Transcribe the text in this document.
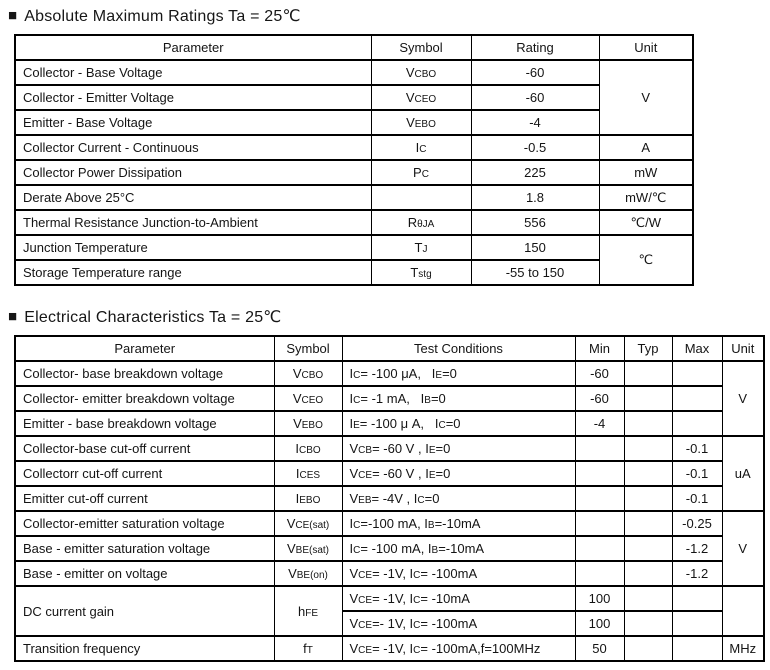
■ Absolute Maximum Ratings Ta = 25℃
Parameter	Symbol	Rating	Unit
Collector - Base Voltage	VCBO	-60	V
Collector - Emitter Voltage	VCEO	-60	
Emitter - Base Voltage	VEBO	-4	
Collector Current - Continuous	IC	-0.5	A
Collector Power Dissipation	PC	225	mW
Derate Above 25°C		1.8	mW/℃
Thermal Resistance Junction-to-Ambient	RθJA	556	℃/W
Junction Temperature	TJ	150	℃
Storage Temperature range	Tstg	-55 to 150	
■ Electrical Characteristics Ta = 25℃
Parameter	Symbol	Test Conditions	Min	Typ	Max	Unit
Collector- base breakdown voltage	VCBO	IC= -100 μA,   IE=0	-60			V
Collector- emitter breakdown voltage	VCEO	IC= -1 mA,   IB=0	-60			
Emitter - base breakdown voltage	VEBO	IE= -100 μ A,   IC=0	-4			
Collector-base cut-off current	ICBO	VCB= -60 V , IE=0			-0.1	uA
Collectorr cut-off current	ICES	VCE= -60 V , IE=0			-0.1	
Emitter cut-off current	IEBO	VEB= -4V , IC=0			-0.1	
Collector-emitter saturation voltage	VCE(sat)	IC=-100 mA, IB=-10mA			-0.25	V
Base - emitter saturation voltage	VBE(sat)	IC= -100 mA, IB=-10mA			-1.2	
Base - emitter on voltage	VBE(on)	VCE= -1V, IC= -100mA			-1.2	
DC current gain	hFE	VCE= -1V, IC= -10mA	100			
		VCE=- 1V, IC= -100mA	100			
Transition frequency	fT	VCE= -1V, IC= -100mA,f=100MHz	50			MHz
